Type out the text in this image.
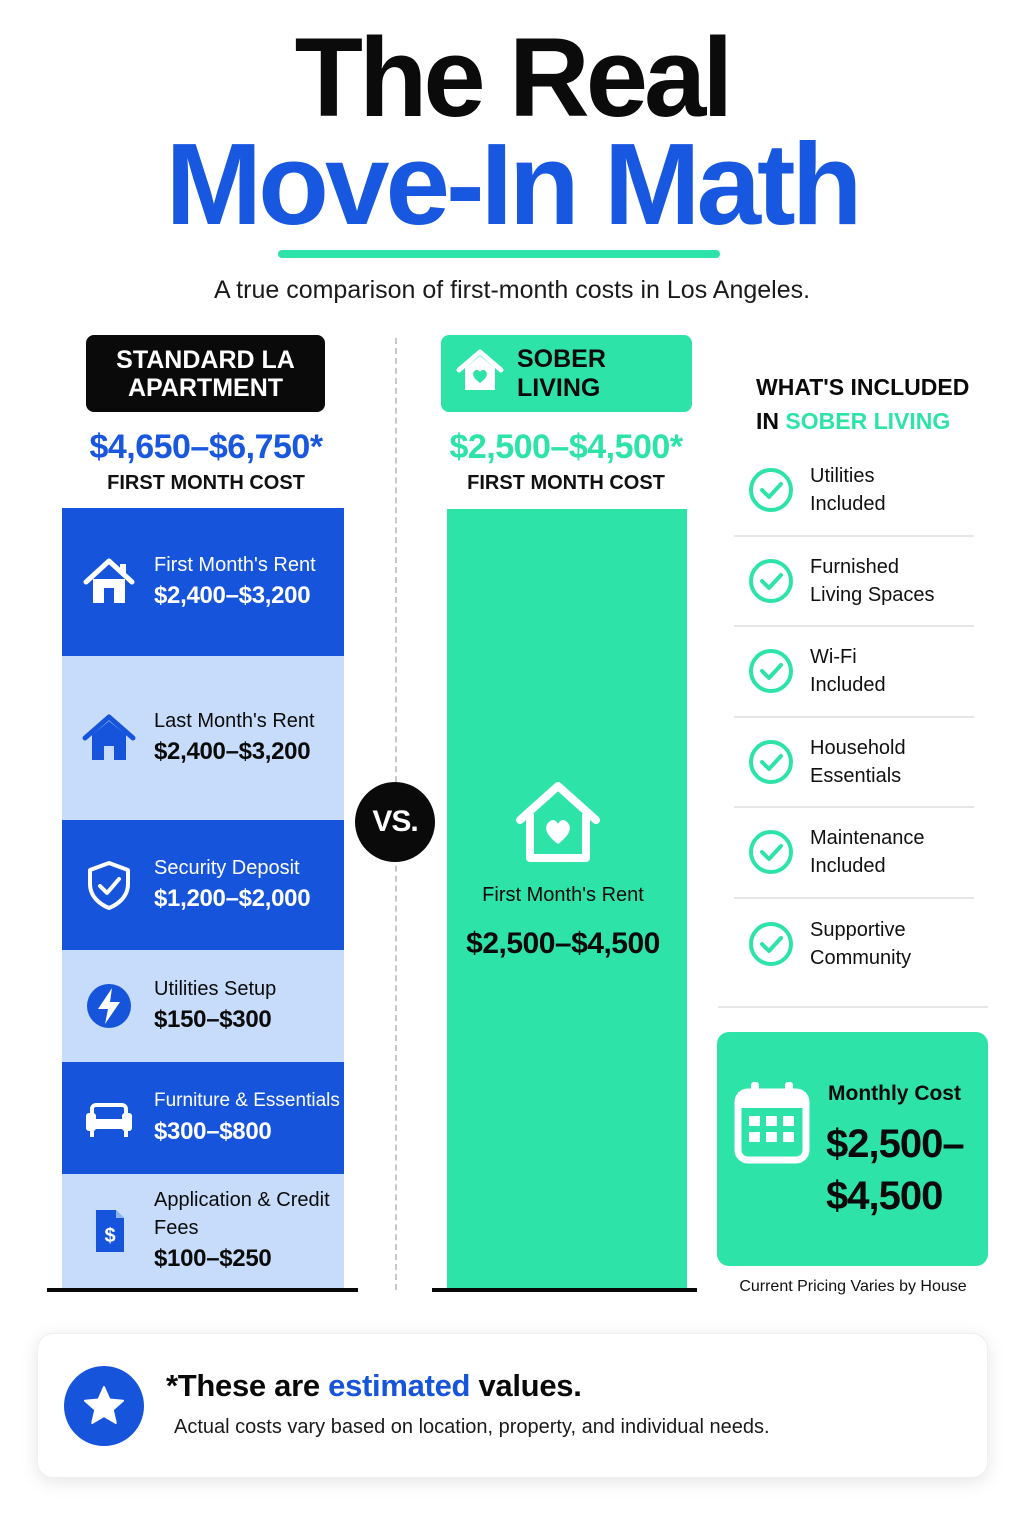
The Real
Move-In Math
A true comparison of first-month costs in Los Angeles.
STANDARD LA APARTMENT
$4,650–$6,750*
FIRST MONTH COST
First Month's Rent
$2,400–$3,200
Last Month's Rent
$2,400–$3,200
Security Deposit
$1,200–$2,000
Utilities Setup
$150–$300
Furniture & Essentials
$300–$800
$
Application & Credit Fees
$100–$250
VS.
SOBER LIVING
$2,500–$4,500*
FIRST MONTH COST
First Month's Rent
$2,500–$4,500
WHAT'S INCLUDED IN SOBER LIVING
Utilities Included
Furnished Living Spaces
Wi-Fi Included
Household Essentials
Maintenance Included
Supportive Community
Monthly Cost
$2,500–
$4,500
Current Pricing Varies by House
*These are estimated values.
Actual costs vary based on location, property, and individual needs.
